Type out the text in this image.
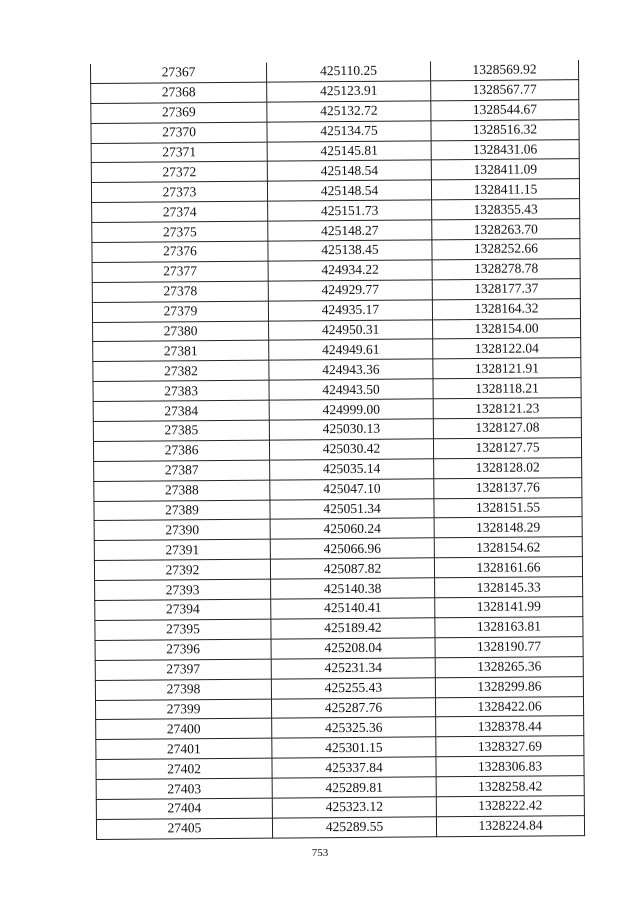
27367	425110.25	1328569.92
27368	425123.91	1328567.77
27369	425132.72	1328544.67
27370	425134.75	1328516.32
27371	425145.81	1328431.06
27372	425148.54	1328411.09
27373	425148.54	1328411.15
27374	425151.73	1328355.43
27375	425148.27	1328263.70
27376	425138.45	1328252.66
27377	424934.22	1328278.78
27378	424929.77	1328177.37
27379	424935.17	1328164.32
27380	424950.31	1328154.00
27381	424949.61	1328122.04
27382	424943.36	1328121.91
27383	424943.50	1328118.21
27384	424999.00	1328121.23
27385	425030.13	1328127.08
27386	425030.42	1328127.75
27387	425035.14	1328128.02
27388	425047.10	1328137.76
27389	425051.34	1328151.55
27390	425060.24	1328148.29
27391	425066.96	1328154.62
27392	425087.82	1328161.66
27393	425140.38	1328145.33
27394	425140.41	1328141.99
27395	425189.42	1328163.81
27396	425208.04	1328190.77
27397	425231.34	1328265.36
27398	425255.43	1328299.86
27399	425287.76	1328422.06
27400	425325.36	1328378.44
27401	425301.15	1328327.69
27402	425337.84	1328306.83
27403	425289.81	1328258.42
27404	425323.12	1328222.42
27405	425289.55	1328224.84
753
